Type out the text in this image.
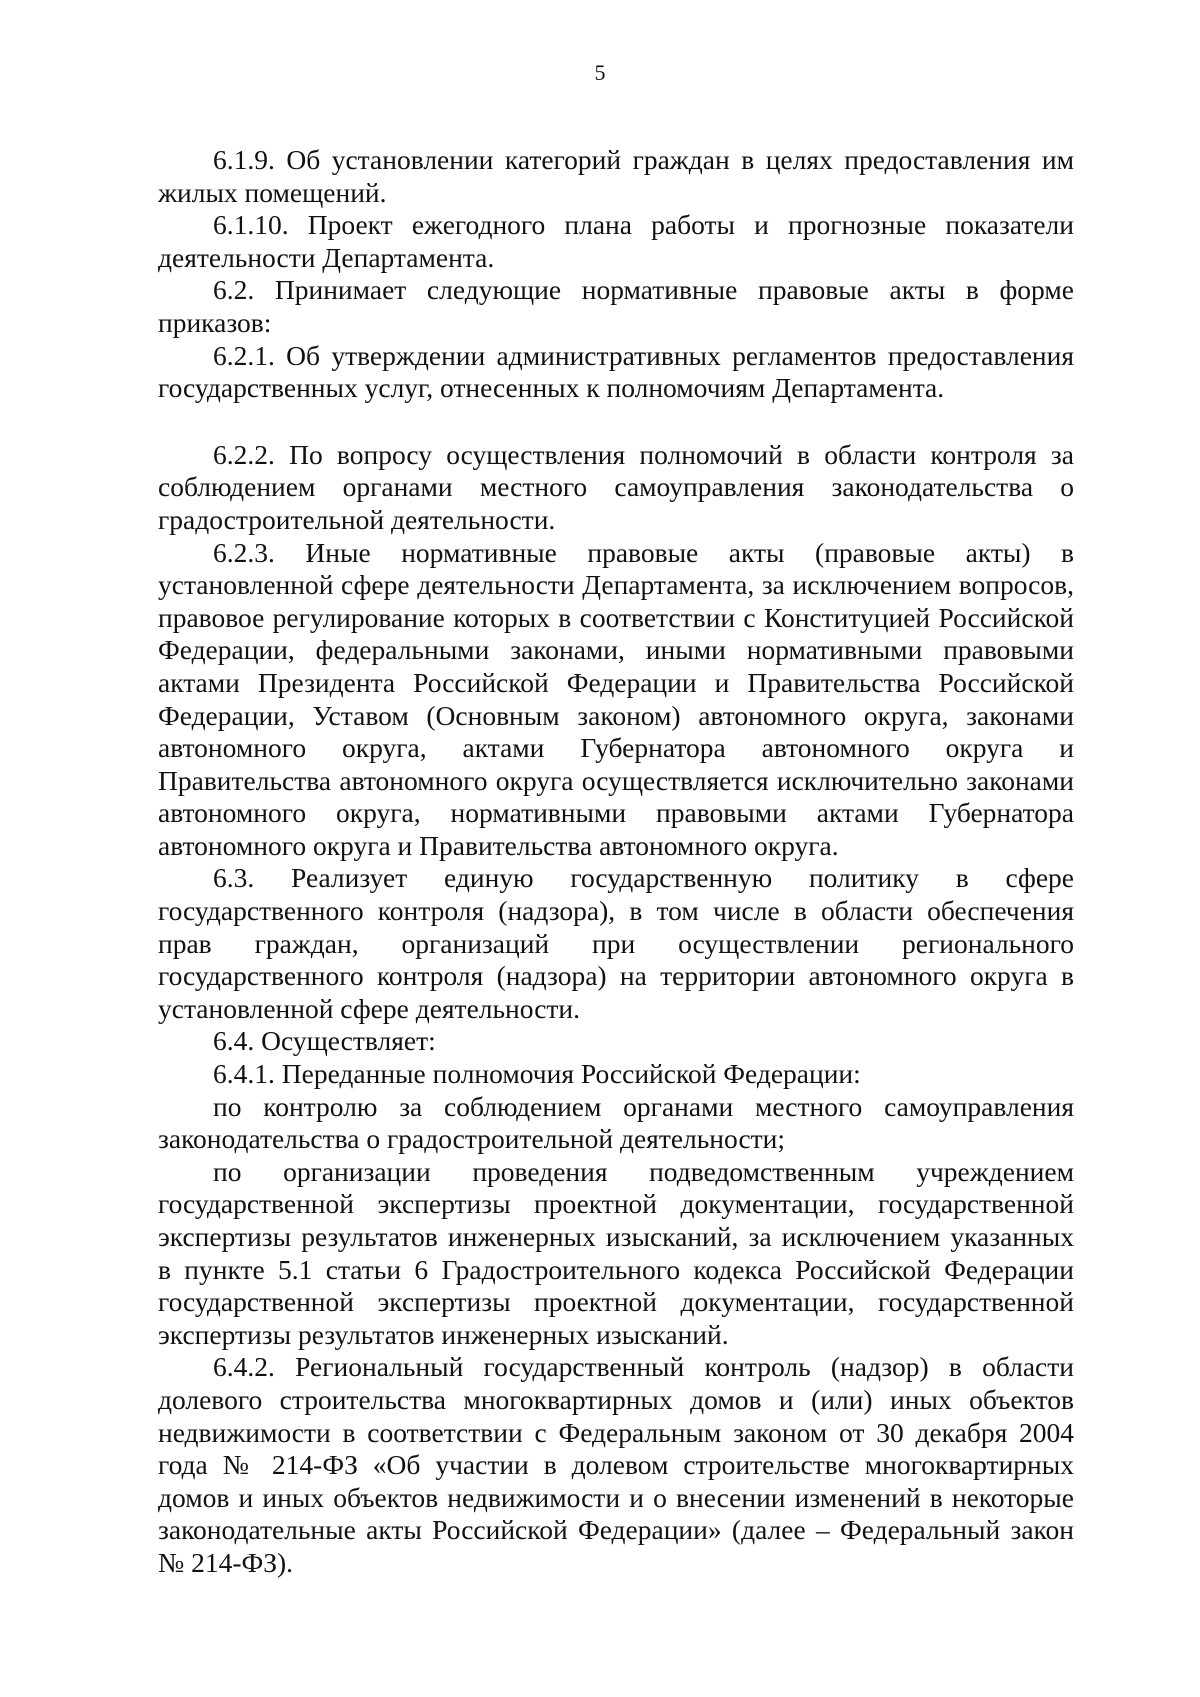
5

6.1.9. Об установлении категорий граждан в целях предоставления им жилых помещений.

6.1.10. Проект ежегодного плана работы и прогнозные показатели деятельности Департамента.

6.2. Принимает следующие нормативные правовые акты в форме приказов:

6.2.1. Об утверждении административных регламентов предоставления государственных услуг, отнесенных к полномочиям Департамента.

6.2.2. По вопросу осуществления полномочий в области контроля за соблюдением органами местного самоуправления законодательства о градостроительной деятельности.

6.2.3. Иные нормативные правовые акты (правовые акты) в установленной сфере деятельности Департамента, за исключением вопросов, правовое регулирование которых в соответствии с Конституцией Российской Федерации, федеральными законами, иными нормативными правовыми актами Президента Российской Федерации и Правительства Российской Федерации, Уставом (Основным законом) автономного округа, законами автономного округа, актами Губернатора автономного округа и Правительства автономного округа осуществляется исключительно законами автономного округа, нормативными правовыми актами Губернатора автономного округа и Правительства автономного округа.

6.3. Реализует единую государственную политику в сфере государственного контроля (надзора), в том числе в области обеспечения прав граждан, организаций при осуществлении регионального государственного контроля (надзора) на территории автономного округа в установленной сфере деятельности.

6.4. Осуществляет:

6.4.1. Переданные полномочия Российской Федерации:

по контролю за соблюдением органами местного самоуправления законодательства о градостроительной деятельности;

по организации проведения подведомственным учреждением государственной экспертизы проектной документации, государственной экспертизы результатов инженерных изысканий, за исключением указанных в пункте 5.1 статьи 6 Градостроительного кодекса Российской Федерации государственной экспертизы проектной документации, государственной экспертизы результатов инженерных изысканий.

6.4.2. Региональный государственный контроль (надзор) в области долевого строительства многоквартирных домов и (или) иных объектов недвижимости в соответствии с Федеральным законом от 30 декабря 2004 года № 214-ФЗ «Об участии в долевом строительстве многоквартирных домов и иных объектов недвижимости и о внесении изменений в некоторые законодательные акты Российской Федерации» (далее – Федеральный закон № 214-ФЗ).
